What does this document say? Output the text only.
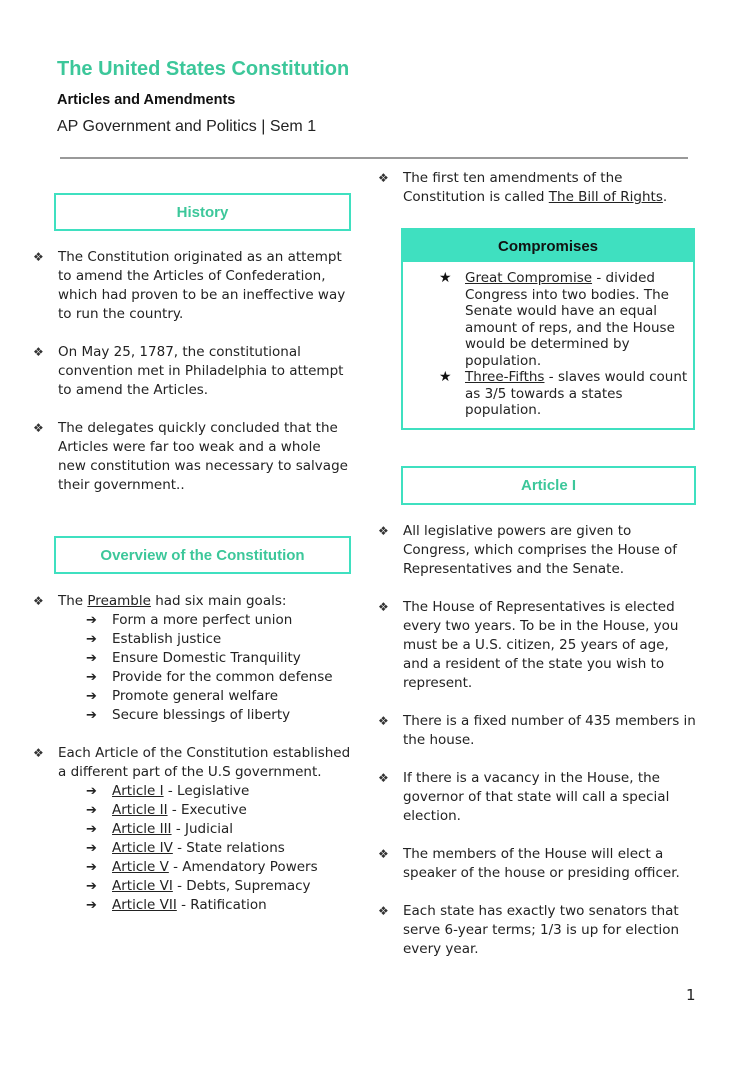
The United States Constitution
Articles and Amendments

AP Government and Politics | Sem 1

History
❖ The Constitution originated as an attempt to amend the Articles of Confederation, which had proven to be an ineffective way to run the country.
❖ On May 25, 1787, the constitutional convention met in Philadelphia to attempt to amend the Articles.
❖ The delegates quickly concluded that the Articles were far too weak and a whole new constitution was necessary to salvage their government..
Overview of the Constitution
❖ The Preamble had six main goals:
➔ Form a more perfect union
➔ Establish justice
➔ Ensure Domestic Tranquility
➔ Provide for the common defense
➔ Promote general welfare
➔ Secure blessings of liberty
❖ Each Article of the Constitution established a different part of the U.S government.
➔ Article I - Legislative
➔ Article II - Executive
➔ Article III - Judicial
➔ Article IV - State relations
➔ Article V - Amendatory Powers
➔ Article VI - Debts, Supremacy
➔ Article VII - Ratification
❖ The first ten amendments of the Constitution is called The Bill of Rights.
Compromises
★ Great Compromise - divided Congress into two bodies. The Senate would have an equal amount of reps, and the House would be determined by population.
★ Three-Fifths - slaves would count as 3/5 towards a states population.
Article I
❖ All legislative powers are given to Congress, which comprises the House of Representatives and the Senate.
❖ The House of Representatives is elected every two years. To be in the House, you must be a U.S. citizen, 25 years of age, and a resident of the state you wish to represent.
❖ There is a fixed number of 435 members in the house.
❖ If there is a vacancy in the House, the governor of that state will call a special election.
❖ The members of the House will elect a speaker of the house or presiding officer.
❖ Each state has exactly two senators that serve 6-year terms; 1/3 is up for election every year.
1
